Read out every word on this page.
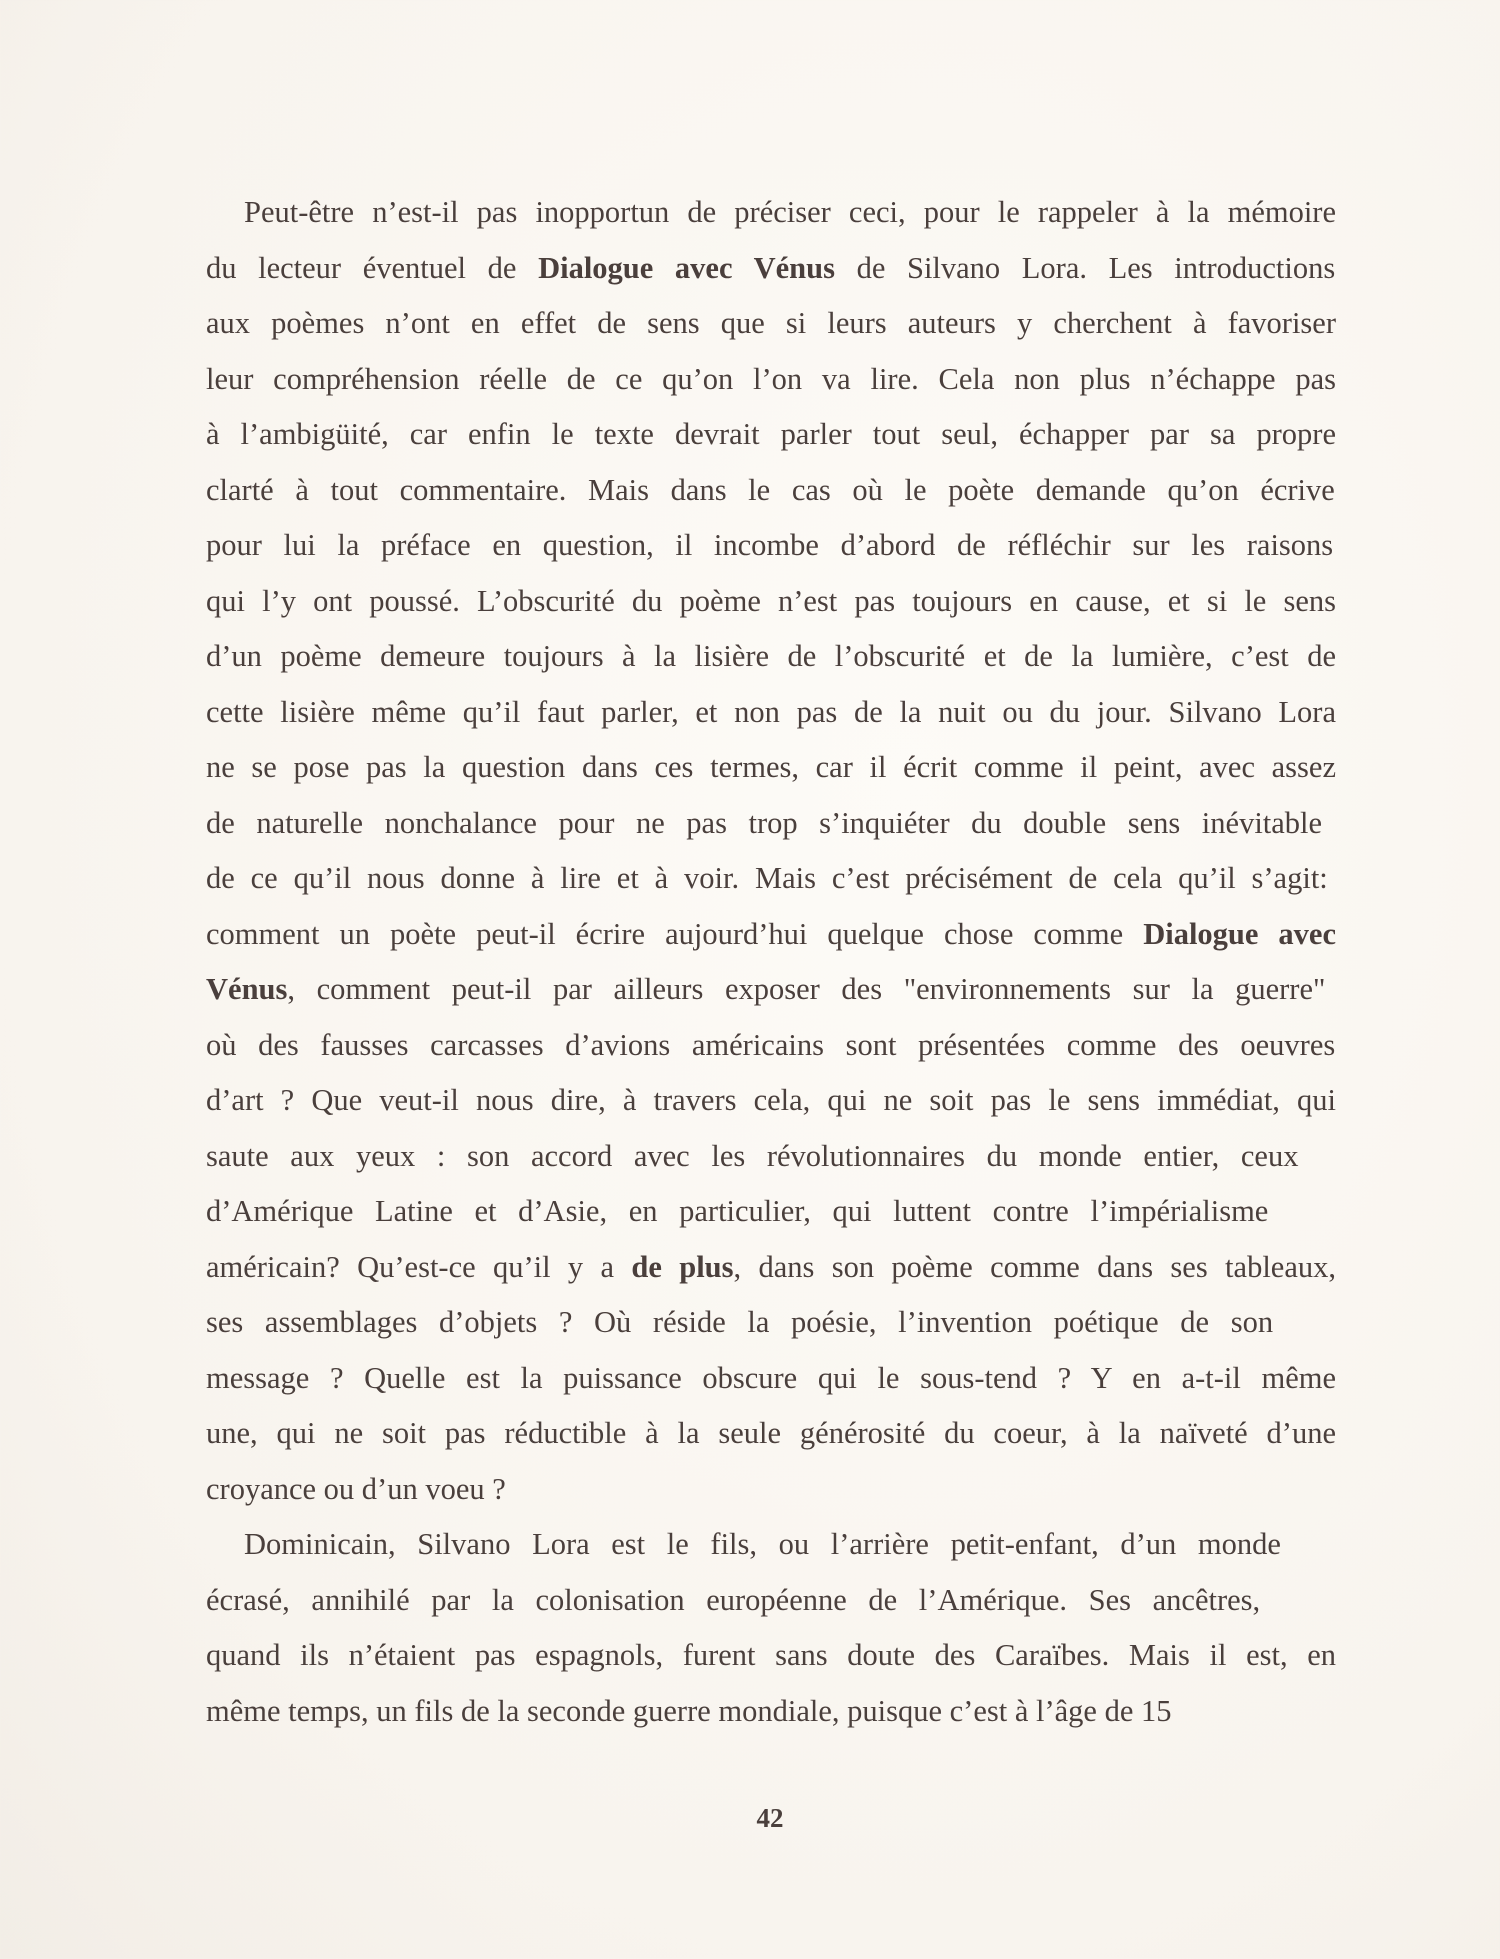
Peut-être n’est-il pas inopportun de préciser ceci, pour le rappeler à la mémoire
du lecteur éventuel de Dialogue avec Vénus de Silvano Lora. Les introductions
aux poèmes n’ont en effet de sens que si leurs auteurs y cherchent à favoriser
leur compréhension réelle de ce qu’on l’on va lire. Cela non plus n’échappe pas
à l’ambigüité, car enfin le texte devrait parler tout seul, échapper par sa propre
clarté à tout commentaire. Mais dans le cas où le poète demande qu’on écrive
pour lui la préface en question, il incombe d’abord de réfléchir sur les raisons
qui l’y ont poussé. L’obscurité du poème n’est pas toujours en cause, et si le sens
d’un poème demeure toujours à la lisière de l’obscurité et de la lumière, c’est de
cette lisière même qu’il faut parler, et non pas de la nuit ou du jour. Silvano Lora
ne se pose pas la question dans ces termes, car il écrit comme il peint, avec assez
de naturelle nonchalance pour ne pas trop s’inquiéter du double sens inévitable
de ce qu’il nous donne à lire et à voir. Mais c’est précisément de cela qu’il s’agit:
comment un poète peut-il écrire aujourd’hui quelque chose comme Dialogue avec
Vénus, comment peut-il par ailleurs exposer des "environnements sur la guerre"
où des fausses carcasses d’avions américains sont présentées comme des oeuvres
d’art ? Que veut-il nous dire, à travers cela, qui ne soit pas le sens immédiat, qui
saute aux yeux : son accord avec les révolutionnaires du monde entier, ceux
d’Amérique Latine et d’Asie, en particulier, qui luttent contre l’impérialisme
américain? Qu’est-ce qu’il y a de plus, dans son poème comme dans ses tableaux,
ses assemblages d’objets ? Où réside la poésie, l’invention poétique de son
message ? Quelle est la puissance obscure qui le sous-tend ? Y en a-t-il même
une, qui ne soit pas réductible à la seule générosité du coeur, à la naïveté d’une
croyance ou d’un voeu ?
Dominicain, Silvano Lora est le fils, ou l’arrière petit-enfant, d’un monde
écrasé, annihilé par la colonisation européenne de l’Amérique. Ses ancêtres,
quand ils n’étaient pas espagnols, furent sans doute des Caraïbes. Mais il est, en
même temps, un fils de la seconde guerre mondiale, puisque c’est à l’âge de 15
42
